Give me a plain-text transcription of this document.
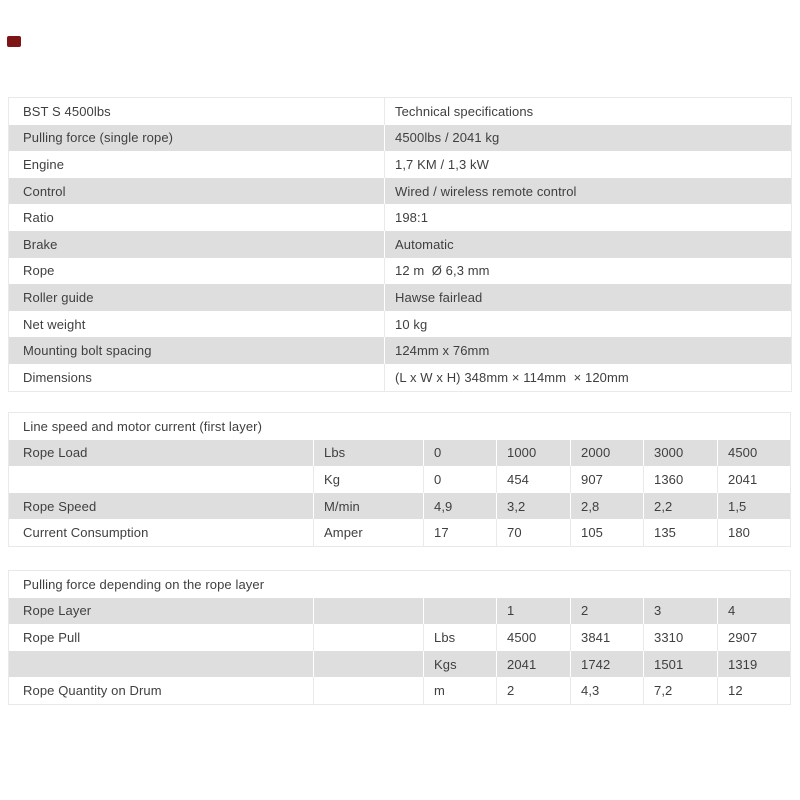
BST S 4500lbs	Technical specifications
Pulling force (single rope)	4500lbs / 2041 kg
Engine	1,7 KM / 1,3 kW
Control	Wired / wireless remote control
Ratio	198:1
Brake	Automatic
Rope	12 m  Ø 6,3 mm
Roller guide	Hawse fairlead
Net weight	10 kg
Mounting bolt spacing	124mm x 76mm
Dimensions	(L x W x H) 348mm × 114mm  × 120mm
Line speed and motor current (first layer)						
Rope Load	Lbs	0	1000	2000	3000	4500
	Kg	0	454	907	1360	2041
Rope Speed	M/min	4,9	3,2	2,8	2,2	1,5
Current Consumption	Amper	17	70	105	135	180
Pulling force depending on the rope layer						
Rope Layer			1	2	3	4
Rope Pull		Lbs	4500	3841	3310	2907
		Kgs	2041	1742	1501	1319
Rope Quantity on Drum		m	2	4,3	7,2	12
